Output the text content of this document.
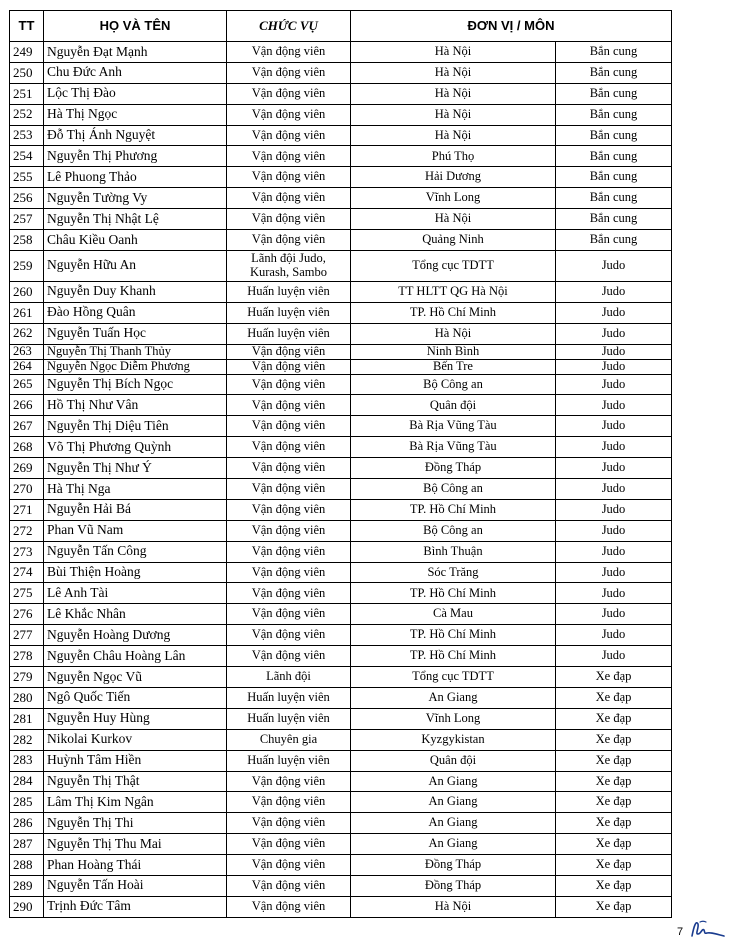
TT	HỌ VÀ TÊN	CHỨC VỤ	ĐƠN VỊ / MÔN	
249	Nguyễn Đạt Mạnh	Vận động viên	Hà Nội	Bắn cung
250	Chu Đức Anh	Vận động viên	Hà Nội	Bắn cung
251	Lộc Thị Đào	Vận động viên	Hà Nội	Bắn cung
252	Hà Thị Ngọc	Vận động viên	Hà Nội	Bắn cung
253	Đỗ Thị Ánh Nguyệt	Vận động viên	Hà Nội	Bắn cung
254	Nguyễn Thị Phương	Vận động viên	Phú Thọ	Bắn cung
255	Lê Phuong Thảo	Vận động viên	Hải Dương	Bắn cung
256	Nguyễn Tường Vy	Vận động viên	Vĩnh Long	Bắn cung
257	Nguyễn Thị Nhật Lệ	Vận động viên	Hà Nội	Bắn cung
258	Châu Kiều Oanh	Vận động viên	Quảng Ninh	Bắn cung
259	Nguyễn Hữu An	Lãnh đội Judo,
Kurash, Sambo	Tổng cục TDTT	Judo
260	Nguyễn Duy Khanh	Huấn luyện viên	TT HLTT QG Hà Nội	Judo
261	Đào Hồng Quân	Huấn luyện viên	TP. Hồ Chí Minh	Judo
262	Nguyễn Tuấn Học	Huấn luyện viên	Hà Nội	Judo
263	Nguyễn Thị Thanh Thủy	Vận động viên	Ninh Bình	Judo
264	Nguyễn Ngọc Diễm Phương	Vận động viên	Bến Tre	Judo
265	Nguyễn Thị Bích Ngọc	Vận động viên	Bộ Công an	Judo
266	Hồ Thị Như Vân	Vận động viên	Quân đội	Judo
267	Nguyễn Thị Diệu Tiên	Vận động viên	Bà Rịa Vũng Tàu	Judo
268	Võ Thị Phương Quỳnh	Vận động viên	Bà Rịa Vũng Tàu	Judo
269	Nguyễn Thị Như Ý	Vận động viên	Đồng Tháp	Judo
270	Hà Thị Nga	Vận động viên	Bộ Công an	Judo
271	Nguyễn Hải Bá	Vận động viên	TP. Hồ Chí Minh	Judo
272	Phan Vũ Nam	Vận động viên	Bộ Công an	Judo
273	Nguyễn Tấn Công	Vận động viên	Bình Thuận	Judo
274	Bùi Thiện Hoàng	Vận động viên	Sóc Trăng	Judo
275	Lê Anh Tài	Vận động viên	TP. Hồ Chí Minh	Judo
276	Lê Khắc Nhân	Vận động viên	Cà Mau	Judo
277	Nguyễn Hoàng Dương	Vận động viên	TP. Hồ Chí Minh	Judo
278	Nguyễn Châu Hoàng Lân	Vận động viên	TP. Hồ Chí Minh	Judo
279	Nguyễn Ngọc Vũ	Lãnh đội	Tổng cục TDTT	Xe đạp
280	Ngô Quốc Tiến	Huấn luyện viên	An Giang	Xe đạp
281	Nguyễn Huy Hùng	Huấn luyện viên	Vĩnh Long	Xe đạp
282	Nikolai Kurkov	Chuyên gia	Kyzgykistan	Xe đạp
283	Huỳnh Tâm Hiền	Huấn luyện viên	Quân đội	Xe đạp
284	Nguyễn Thị Thật	Vận động viên	An Giang	Xe đạp
285	Lâm Thị Kim Ngân	Vận động viên	An Giang	Xe đạp
286	Nguyễn Thị Thi	Vận động viên	An Giang	Xe đạp
287	Nguyễn Thị Thu Mai	Vận động viên	An Giang	Xe đạp
288	Phan Hoàng Thái	Vận động viên	Đồng Tháp	Xe đạp
289	Nguyễn Tấn Hoài	Vận động viên	Đồng Tháp	Xe đạp
290	Trịnh Đức Tâm	Vận động viên	Hà Nội	Xe đạp
7
